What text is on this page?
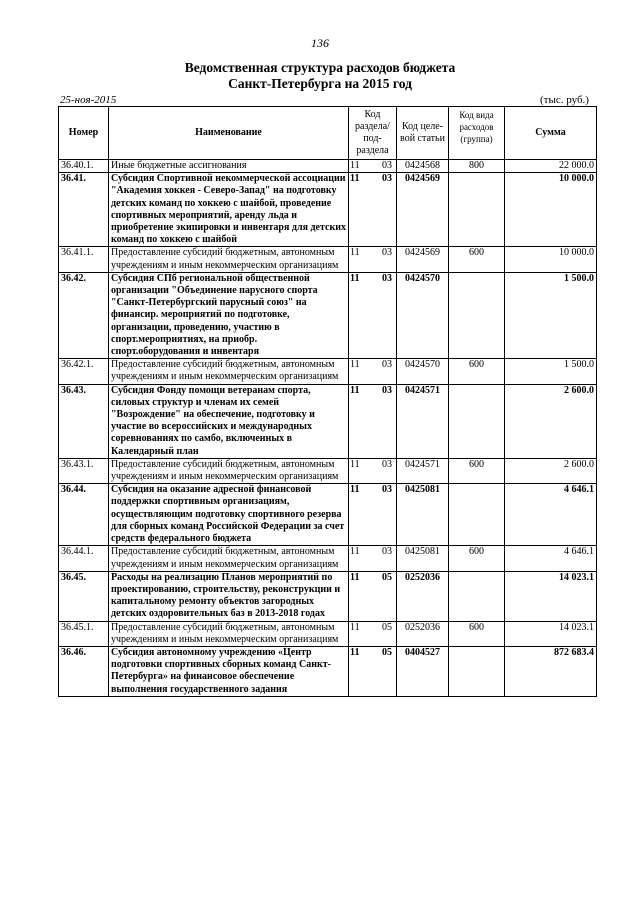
136
Ведомственная структура расходов бюджета
Санкт-Петербурга на 2015 год
25-ноя-2015	(тыс. руб.)
Номер	Наименование	Код раздела/ под-раздела	Код целе-вой статьи	Код вида расходов (группа)	Сумма
36.40.1.	Иные бюджетные ассигнования	11 03	0424568	800	22 000.0
36.41.	Субсидия Спортивной некоммерческой ассоциации "Академия хоккея - Северо-Запад" на подготовку детских команд по хоккею с шайбой, проведение спортивных мероприятий, аренду льда и приобретение экипировки и инвентаря для детских команд по хоккею с шайбой	11 03	0424569		10 000.0
36.41.1.	Предоставление субсидий бюджетным, автономным учреждениям и иным некоммерческим организациям	11 03	0424569	600	10 000.0
36.42.	Субсидия СПб региональной общественной организации "Объединение парусного спорта "Санкт-Петербургский парусный союз" на финансир. мероприятий по подготовке, организации, проведению, участию в спорт.мероприятиях, на приобр. спорт.оборудования и инвентаря	11 03	0424570		1 500.0
36.42.1.	Предоставление субсидий бюджетным, автономным учреждениям и иным некоммерческим организациям	11 03	0424570	600	1 500.0
36.43.	Субсидия Фонду помощи ветеранам спорта, силовых структур и членам их семей "Возрождение" на обеспечение, подготовку и участие во всероссийских и международных соревнованиях по самбо, включенных в Календарный план	11 03	0424571		2 600.0
36.43.1.	Предоставление субсидий бюджетным, автономным учреждениям и иным некоммерческим организациям	11 03	0424571	600	2 600.0
36.44.	Субсидия на оказание адресной финансовой поддержки спортивным организациям, осуществляющим подготовку спортивного резерва для сборных команд Российской Федерации за счет средств федерального бюджета	11 03	0425081		4 646.1
36.44.1.	Предоставление субсидий бюджетным, автономным учреждениям и иным некоммерческим организациям	11 03	0425081	600	4 646.1
36.45.	Расходы на реализацию Планов мероприятий по проектированию, строительству, реконструкции и капитальному ремонту объектов загородных детских оздоровительных баз в 2013-2018 годах	11 05	0252036		14 023.1
36.45.1.	Предоставление субсидий бюджетным, автономным учреждениям и иным некоммерческим организациям	11 05	0252036	600	14 023.1
36.46.	Субсидия автономному учреждению «Центр подготовки спортивных сборных команд Санкт-Петербурга» на финансовое обеспечение выполнения государственного задания	11 05	0404527		872 683.4
